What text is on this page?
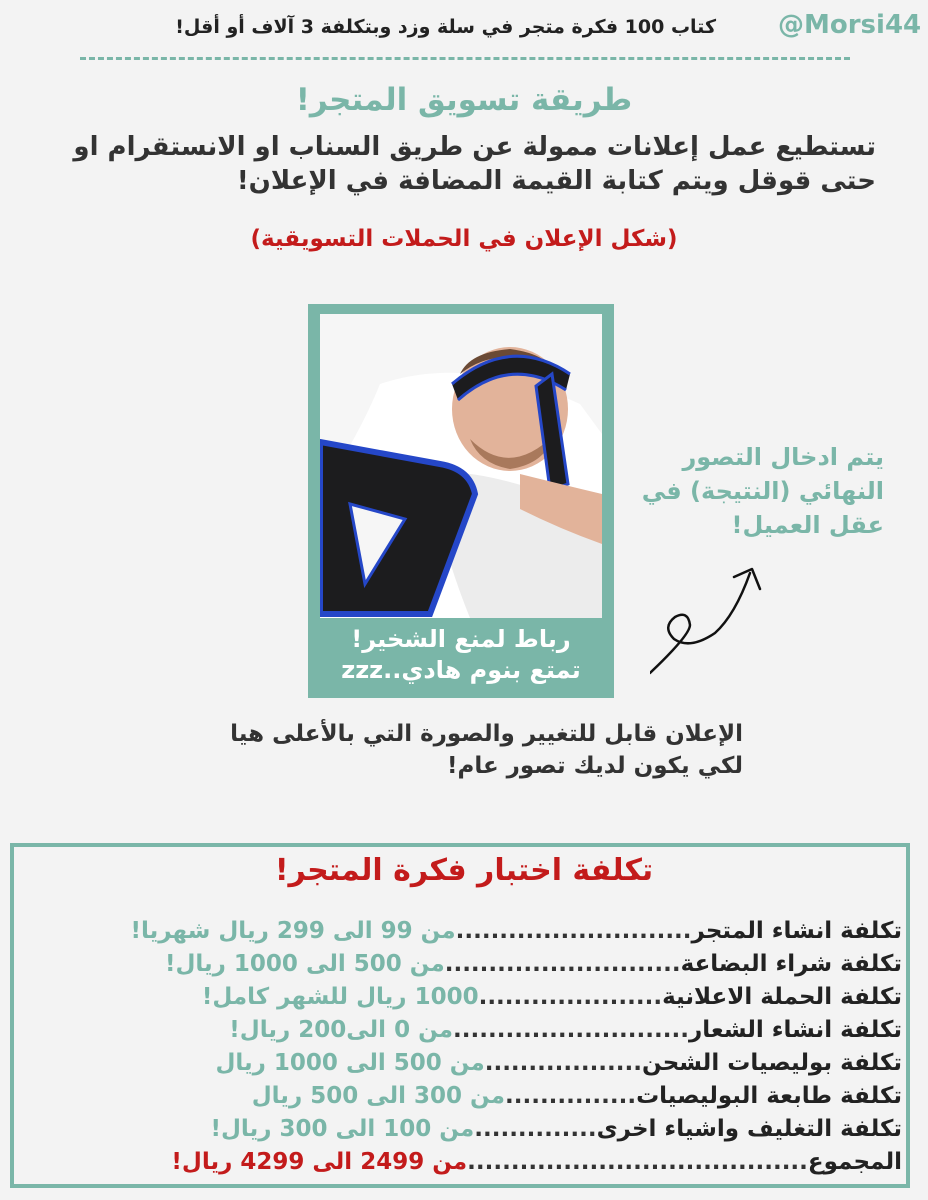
@Morsi44
كتاب 100 فكرة متجر في سلة وزد وبتكلفة 3 آلاف أو أقل!
طريقة تسويق المتجر!
تستطيع عمل إعلانات ممولة عن طريق السناب او الانستقرام او حتى قوقل ويتم كتابة القيمة المضافة في الإعلان!
(شكل الإعلان في الحملات التسويقية)
رباط لمنع الشخير!
تمتع بنوم هادي..zzz
يتم ادخال التصور النهائي (النتيجة) في عقل العميل!
الإعلان قابل للتغيير والصورة التي بالأعلى هيا لكي يكون لديك تصور عام!
تكلفة اختبار فكرة المتجر!
تكلفة انشاء المتجر...........................من 99 الى 299 ريال شهريا!
تكلفة شراء البضاعة...........................من 500 الى 1000 ريال!
تكلفة الحملة الاعلانية.....................1000 ريال للشهر كامل!
تكلفة انشاء الشعار...........................من 0 الى200 ريال!
تكلفة بوليصيات الشحن..................من 500 الى 1000 ريال
تكلفة طابعة البوليصيات...............من 300 الى 500 ريال
تكلفة التغليف واشياء اخرى..............من 100 الى 300 ريال!
المجموع.......................................من 2499 الى 4299 ريال!
